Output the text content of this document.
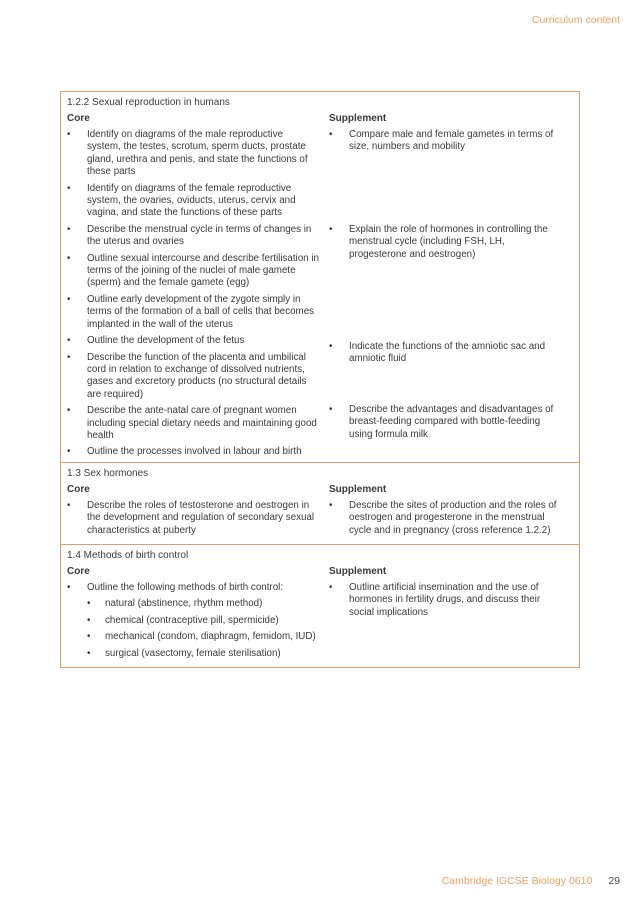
Curriculum content
1.2.2 Sexual reproduction in humans
Core
• Identify on diagrams of the male reproductive system, the testes, scrotum, sperm ducts, prostate gland, urethra and penis, and state the functions of these parts
• Identify on diagrams of the female reproductive system, the ovaries, oviducts, uterus, cervix and vagina, and state the functions of these parts
• Describe the menstrual cycle in terms of changes in the uterus and ovaries
• Outline sexual intercourse and describe fertilisation in terms of the joining of the nuclei of male gamete (sperm) and the female gamete (egg)
• Outline early development of the zygote simply in terms of the formation of a ball of cells that becomes implanted in the wall of the uterus
• Outline the development of the fetus
• Describe the function of the placenta and umbilical cord in relation to exchange of dissolved nutrients, gases and excretory products (no structural details are required)
• Describe the ante-natal care of pregnant women including special dietary needs and maintaining good health
• Outline the processes involved in labour and birth
Supplement
• Compare male and female gametes in terms of size, numbers and mobility
• Explain the role of hormones in controlling the menstrual cycle (including FSH, LH, progesterone and oestrogen)
• Indicate the functions of the amniotic sac and amniotic fluid
• Describe the advantages and disadvantages of breast-feeding compared with bottle-feeding using formula milk
1.3 Sex hormones
Core
• Describe the roles of testosterone and oestrogen in the development and regulation of secondary sexual characteristics at puberty
Supplement
• Describe the sites of production and the roles of oestrogen and progesterone in the menstrual cycle and in pregnancy (cross reference 1.2.2)
1.4 Methods of birth control
Core
• Outline the following methods of birth control:
• natural (abstinence, rhythm method)
• chemical (contraceptive pill, spermicide)
• mechanical (condom, diaphragm, femidom, IUD)
• surgical (vasectomy, female sterilisation)
Supplement
• Outline artificial insemination and the use of hormones in fertility drugs, and discuss their social implications
Cambridge IGCSE Biology 0610 29
